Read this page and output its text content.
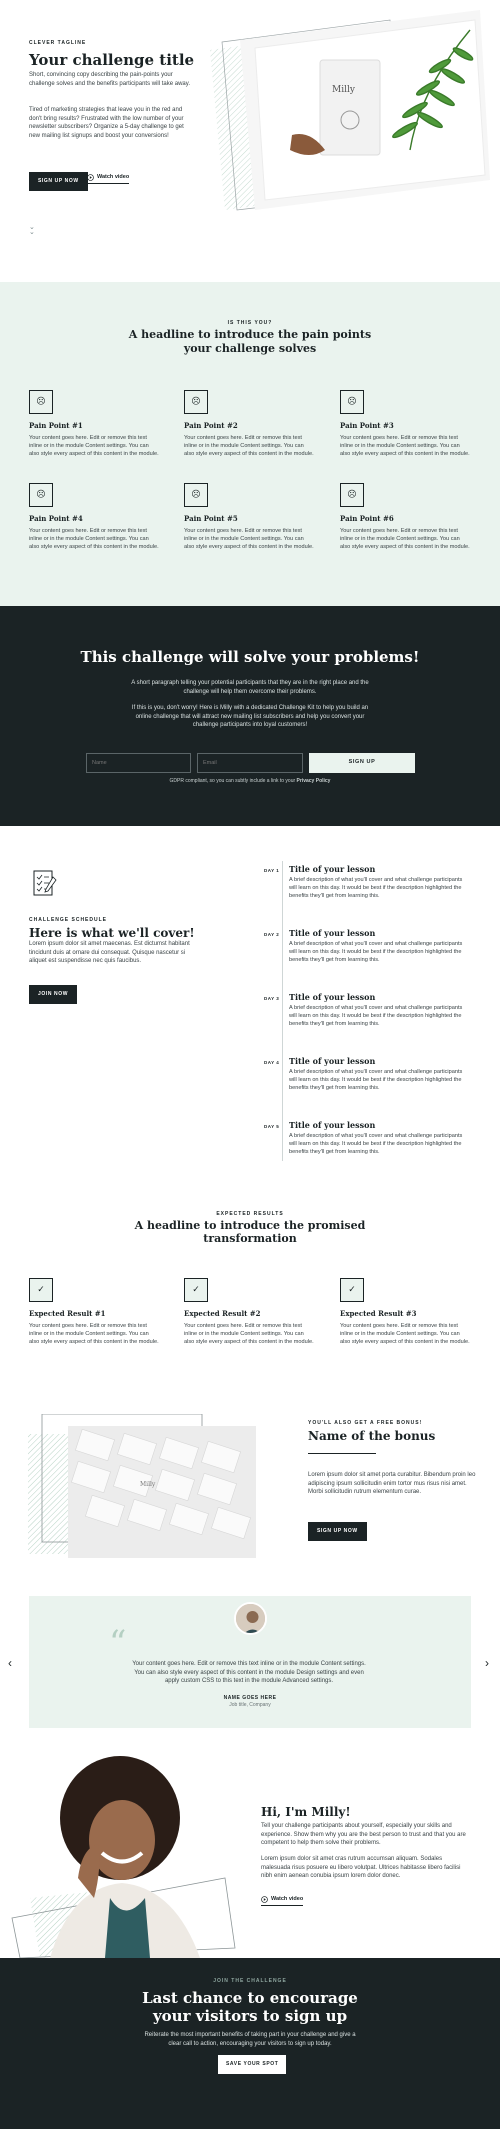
CLEVER TAGLINE
Your challenge title

Short, convincing copy describing the pain-points your challenge solves and the benefits participants will take away.

Tired of marketing strategies that leave you in the red and don't bring results? Frustrated with the low number of your newsletter subscribers? Organize a 5-day challenge to get new mailing list signups and boost your conversions!

SIGN UP NOW
Watch video
⌄
⌄
Milly
IS THIS YOU?
A headline to introduce the pain points
your challenge solves
☹
Pain Point #1

Your content goes here. Edit or remove this text inline or in the module Content settings. You can also style every aspect of this content in the module.

☹
Pain Point #2

Your content goes here. Edit or remove this text inline or in the module Content settings. You can also style every aspect of this content in the module.

☹
Pain Point #3

Your content goes here. Edit or remove this text inline or in the module Content settings. You can also style every aspect of this content in the module.

☹
Pain Point #4

Your content goes here. Edit or remove this text inline or in the module Content settings. You can also style every aspect of this content in the module.

☹
Pain Point #5

Your content goes here. Edit or remove this text inline or in the module Content settings. You can also style every aspect of this content in the module.

☹
Pain Point #6

Your content goes here. Edit or remove this text inline or in the module Content settings. You can also style every aspect of this content in the module.

This challenge will solve your problems!

A short paragraph telling your potential participants that they are in the right place and the challenge will help them overcome their problems.

If this is you, don't worry! Here is Milly with a dedicated Challenge Kit to help you build an online challenge that will attract new mailing list subscribers and help you convert your challenge participants into loyal customers!

Name
Email
SIGN UP
GDPR compliant, so you can subtly include a link to your Privacy Policy
CHALLENGE SCHEDULE
Here is what we'll cover!

Lorem ipsum dolor sit amet maecenas. Est dictumst habitant tincidunt duis at ornare dui consequat. Quisque nascetur si aliquet est suspendisse nec quis faucibus.

JOIN NOW
DAY 1 Title of your lesson

A brief description of what you'll cover and what challenge participants will learn on this day. It would be best if the description highlighted the benefits they'll get from learning this.

DAY 2 Title of your lesson

A brief description of what you'll cover and what challenge participants will learn on this day. It would be best if the description highlighted the benefits they'll get from learning this.

DAY 3 Title of your lesson

A brief description of what you'll cover and what challenge participants will learn on this day. It would be best if the description highlighted the benefits they'll get from learning this.

DAY 4 Title of your lesson

A brief description of what you'll cover and what challenge participants will learn on this day. It would be best if the description highlighted the benefits they'll get from learning this.

DAY 5 Title of your lesson

A brief description of what you'll cover and what challenge participants will learn on this day. It would be best if the description highlighted the benefits they'll get from learning this.

EXPECTED RESULTS
A headline to introduce the promised
transformation
✓
Expected Result #1

Your content goes here. Edit or remove this text inline or in the module Content settings. You can also style every aspect of this content in the module.

✓
Expected Result #2

Your content goes here. Edit or remove this text inline or in the module Content settings. You can also style every aspect of this content in the module.

✓
Expected Result #3

Your content goes here. Edit or remove this text inline or in the module Content settings. You can also style every aspect of this content in the module.

Milly
YOU'LL ALSO GET A FREE BONUS!
Name of the bonus

Lorem ipsum dolor sit amet porta curabitur. Bibendum proin leo adipiscing ipsum sollicitudin enim tortor mus risus nisi amet. Morbi sollicitudin rutrum elementum curae.

SIGN UP NOW
‹	›
“

Your content goes here. Edit or remove this text inline or in the module Content settings. You can also style every aspect of this content in the module Design settings and even apply custom CSS to this text in the module Advanced settings.

NAME GOES HERE
Job title, Company
Hi, I'm Milly!

Tell your challenge participants about yourself, especially your skills and experience. Show them why you are the best person to trust and that you are competent to help them solve their problems.

Lorem ipsum dolor sit amet cras rutrum accumsan aliquam. Sodales malesuada risus posuere eu libero volutpat. Ultrices habitasse libero facilisi nibh enim aenean conubia ipsum lorem dolor donec.

Watch video
JOIN THE CHALLENGE
Last chance to encourage
your visitors to sign up

Reiterate the most important benefits of taking part in your challenge and give a clear call to action, encouraging your visitors to sign up today.

SAVE YOUR SPOT
